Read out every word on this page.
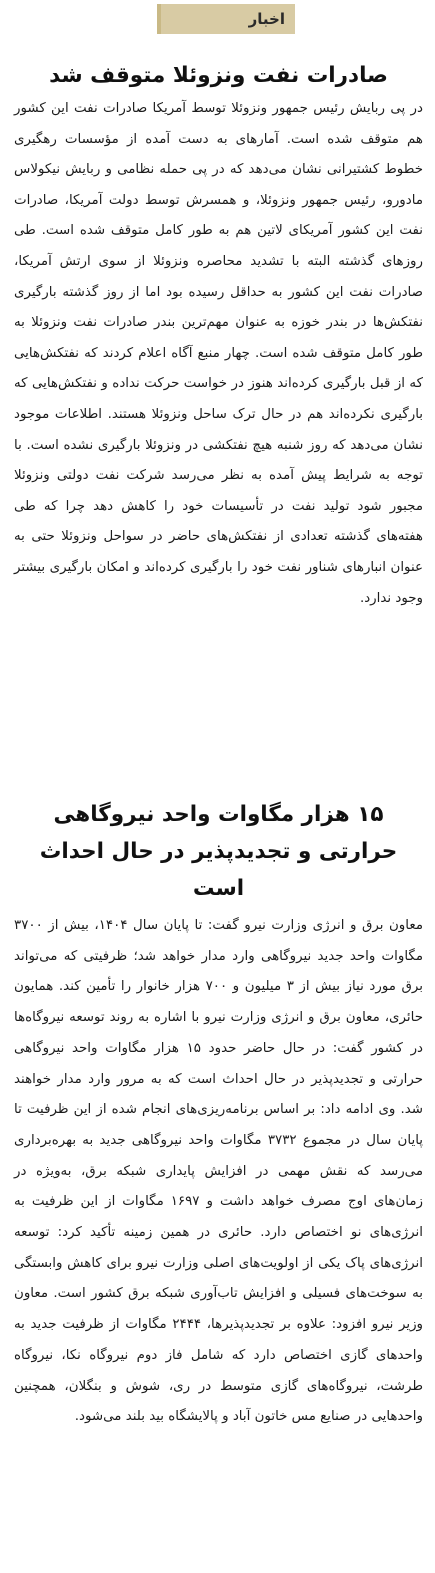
اخبار
صادرات نفت ونزوئلا متوقف شد

در پی ربایش رئیس جمهور ونزوئلا توسط آمریکا صادرات نفت این کشور هم متوقف شده است. آمارهای به دست آمده از مؤسسات رهگیری خطوط کشتیرانی نشان می‌دهد که در پی حمله نظامی و ربایش نیکولاس مادورو، رئیس جمهور ونزوئلا، و همسرش توسط دولت آمریکا، صادرات نفت این کشور آمریکای لاتین هم به طور کامل متوقف شده است. طی روزهای گذشته البته با تشدید محاصره ونزوئلا از سوی ارتش آمریکا، صادرات نفت این کشور به حداقل رسیده بود اما از روز گذشته بارگیری نفتکش‌ها در بندر خوزه به عنوان مهم‌ترین بندر صادرات نفت ونزوئلا به طور کامل متوقف شده است. چهار منبع آگاه اعلام کردند که نفتکش‌هایی که از قبل بارگیری کرده‌اند هنوز در خواست حرکت نداده و نفتکش‌هایی که بارگیری نکرده‌اند هم در حال ترک ساحل ونزوئلا هستند. اطلاعات موجود نشان می‌دهد که روز شنبه هیچ نفتکشی در ونزوئلا بارگیری نشده است. با توجه به شرایط پیش آمده به نظر می‌رسد شرکت نفت دولتی ونزوئلا مجبور شود تولید نفت در تأسیسات خود را کاهش دهد چرا که طی هفته‌های گذشته تعدادی از نفتکش‌های حاضر در سواحل ونزوئلا حتی به عنوان انبارهای شناور نفت خود را بارگیری کرده‌اند و امکان بارگیری بیشتر وجود ندارد.

۱۵ هزار مگاوات واحد نیروگاهی حرارتی و تجدیدپذیر در حال احداث است

معاون برق و انرژی وزارت نیرو گفت: تا پایان سال ۱۴۰۴، بیش از ۳۷۰۰ مگاوات واحد جدید نیروگاهی وارد مدار خواهد شد؛ ظرفیتی که می‌تواند برق مورد نیاز بیش از ۳ میلیون و ۷۰۰ هزار خانوار را تأمین کند. همایون حائری، معاون برق و انرژی وزارت نیرو با اشاره به روند توسعه نیروگاه‌ها در کشور گفت: در حال حاضر حدود ۱۵ هزار مگاوات واحد نیروگاهی حرارتی و تجدیدپذیر در حال احداث است که به مرور وارد مدار خواهند شد. وی ادامه داد: بر اساس برنامه‌ریزی‌های انجام شده از این ظرفیت تا پایان سال در مجموع ۳۷۳۲ مگاوات واحد نیروگاهی جدید به بهره‌برداری می‌رسد که نقش مهمی در افزایش پایداری شبکه برق، به‌ویژه در زمان‌های اوج مصرف خواهد داشت و ۱۶۹۷ مگاوات از این ظرفیت به انرژی‌های نو اختصاص دارد. حائری در همین زمینه تأکید کرد: توسعه انرژی‌های پاک یکی از اولویت‌های اصلی وزارت نیرو برای کاهش وابستگی به سوخت‌های فسیلی و افزایش تاب‌آوری شبکه برق کشور است. معاون وزیر نیرو افزود: علاوه بر تجدیدپذیرها، ۲۴۴۴ مگاوات از ظرفیت جدید به واحدهای گازی اختصاص دارد که شامل فاز دوم نیروگاه نکا، نیروگاه طرشت، نیروگاه‌های گازی متوسط در ری، شوش و بنگلان، همچنین واحدهایی در صنایع مس خاتون آباد و پالایشگاه بید بلند می‌شود.
